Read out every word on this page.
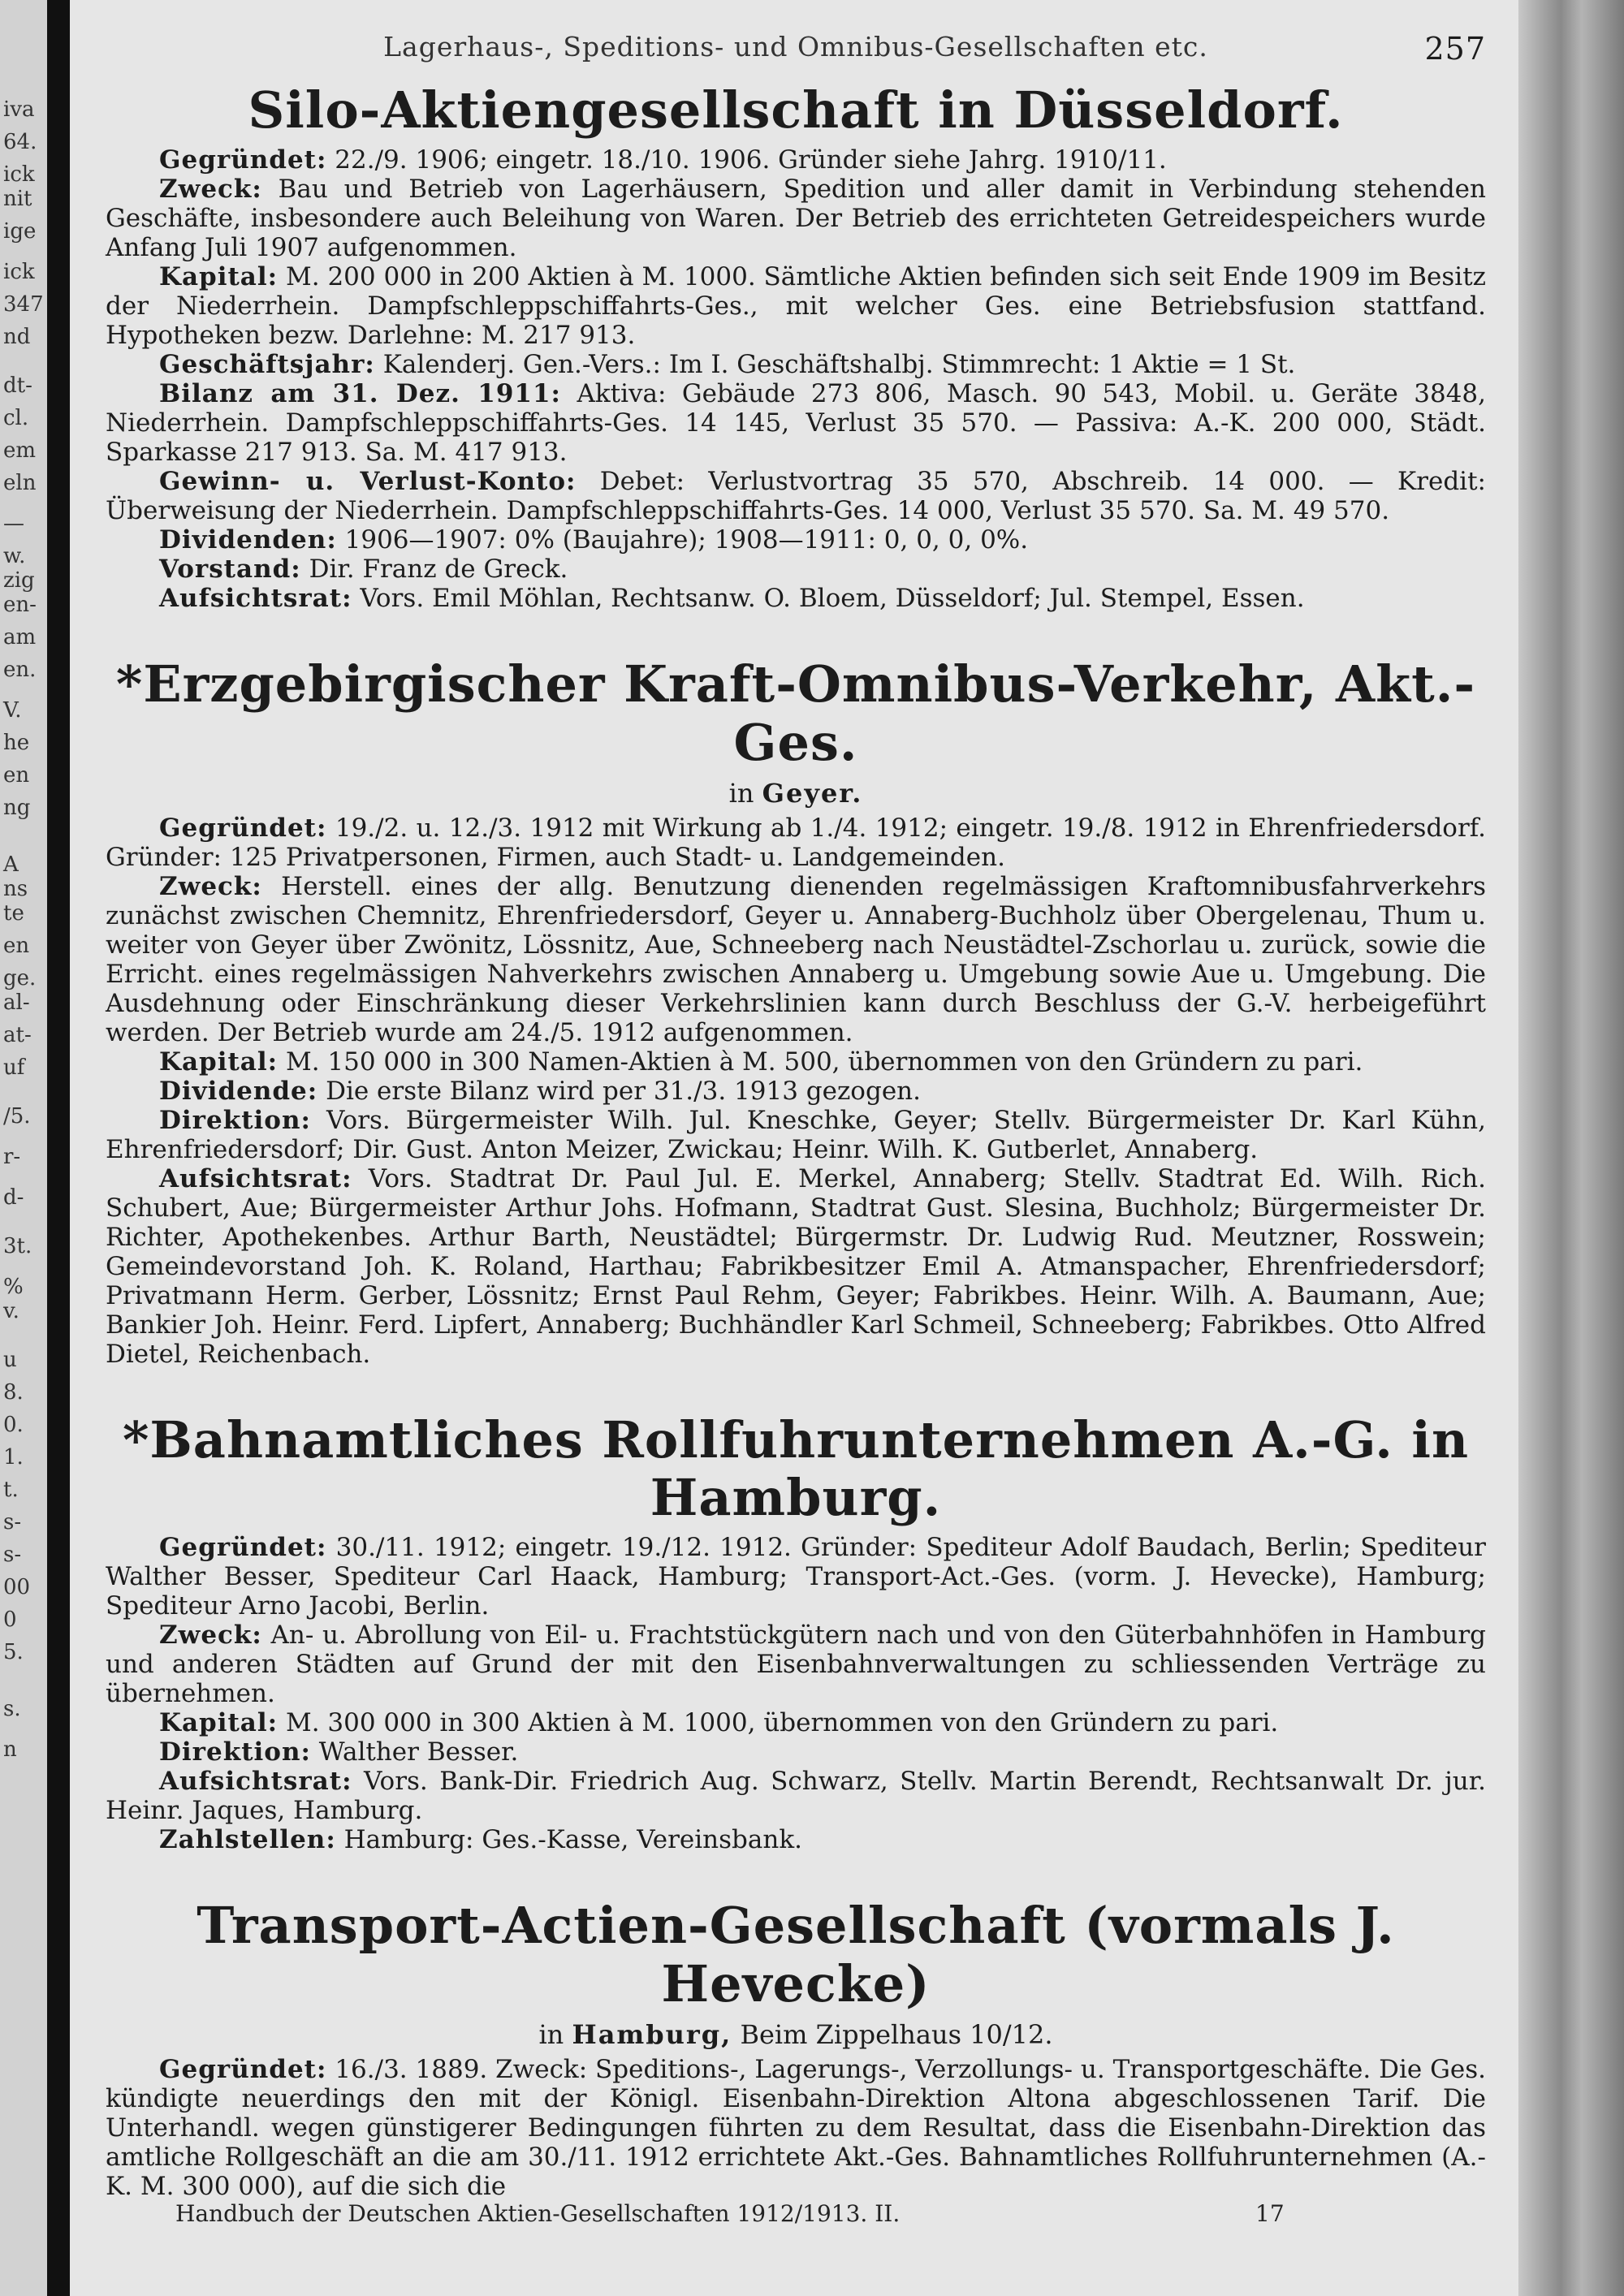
iva
64.
ick
nit
ige
ick
347
nd
dt-
cl.
em
eln
—
w.
zig
en-
am
en.
V.
he
en
ng
A
ns
te
en
ge.
al-
at-
uf
/5.
r-
d-
3t.
%
v.
u
8.
0.
1.
t.
s-
s-
00
0
5.
s.
n
Lagerhaus-, Speditions- und Omnibus-Gesellschaften etc.	257
Silo-Aktiengesellschaft in Düsseldorf.

Gegründet: 22./9. 1906; eingetr. 18./10. 1906. Gründer siehe Jahrg. 1910/11.

Zweck: Bau und Betrieb von Lagerhäusern, Spedition und aller damit in Verbindung stehenden Geschäfte, insbesondere auch Beleihung von Waren. Der Betrieb des errichteten Getreidespeichers wurde Anfang Juli 1907 aufgenommen.

Kapital: M. 200 000 in 200 Aktien à M. 1000. Sämtliche Aktien befinden sich seit Ende 1909 im Besitz der Niederrhein. Dampfschleppschiffahrts-Ges., mit welcher Ges. eine Betriebsfusion stattfand. Hypotheken bezw. Darlehne: M. 217 913.

Geschäftsjahr: Kalenderj. Gen.-Vers.: Im I. Geschäftshalbj. Stimmrecht: 1 Aktie = 1 St.

Bilanz am 31. Dez. 1911: Aktiva: Gebäude 273 806, Masch. 90 543, Mobil. u. Geräte 3848, Niederrhein. Dampfschleppschiffahrts-Ges. 14 145, Verlust 35 570. — Passiva: A.-K. 200 000, Städt. Sparkasse 217 913. Sa. M. 417 913.

Gewinn- u. Verlust-Konto: Debet: Verlustvortrag 35 570, Abschreib. 14 000. — Kredit: Überweisung der Niederrhein. Dampfschleppschiffahrts-Ges. 14 000, Verlust 35 570. Sa. M. 49 570.

Dividenden: 1906—1907: 0% (Baujahre); 1908—1911: 0, 0, 0, 0%.

Vorstand: Dir. Franz de Greck.

Aufsichtsrat: Vors. Emil Möhlan, Rechtsanw. O. Bloem, Düsseldorf; Jul. Stempel, Essen.

*Erzgebirgischer Kraft-Omnibus-Verkehr, Akt.-Ges.
in Geyer.

Gegründet: 19./2. u. 12./3. 1912 mit Wirkung ab 1./4. 1912; eingetr. 19./8. 1912 in Ehrenfriedersdorf. Gründer: 125 Privatpersonen, Firmen, auch Stadt- u. Landgemeinden.

Zweck: Herstell. eines der allg. Benutzung dienenden regelmässigen Kraftomnibusfahrverkehrs zunächst zwischen Chemnitz, Ehrenfriedersdorf, Geyer u. Annaberg-Buchholz über Obergelenau, Thum u. weiter von Geyer über Zwönitz, Lössnitz, Aue, Schneeberg nach Neustädtel-Zschorlau u. zurück, sowie die Erricht. eines regelmässigen Nahverkehrs zwischen Annaberg u. Umgebung sowie Aue u. Umgebung. Die Ausdehnung oder Einschränkung dieser Verkehrslinien kann durch Beschluss der G.-V. herbeigeführt werden. Der Betrieb wurde am 24./5. 1912 aufgenommen.

Kapital: M. 150 000 in 300 Namen-Aktien à M. 500, übernommen von den Gründern zu pari.

Dividende: Die erste Bilanz wird per 31./3. 1913 gezogen.

Direktion: Vors. Bürgermeister Wilh. Jul. Kneschke, Geyer; Stellv. Bürgermeister Dr. Karl Kühn, Ehrenfriedersdorf; Dir. Gust. Anton Meizer, Zwickau; Heinr. Wilh. K. Gutberlet, Annaberg.

Aufsichtsrat: Vors. Stadtrat Dr. Paul Jul. E. Merkel, Annaberg; Stellv. Stadtrat Ed. Wilh. Rich. Schubert, Aue; Bürgermeister Arthur Johs. Hofmann, Stadtrat Gust. Slesina, Buchholz; Bürgermeister Dr. Richter, Apothekenbes. Arthur Barth, Neustädtel; Bürgermstr. Dr. Ludwig Rud. Meutzner, Rosswein; Gemeindevorstand Joh. K. Roland, Harthau; Fabrikbesitzer Emil A. Atmanspacher, Ehrenfriedersdorf; Privatmann Herm. Gerber, Lössnitz; Ernst Paul Rehm, Geyer; Fabrikbes. Heinr. Wilh. A. Baumann, Aue; Bankier Joh. Heinr. Ferd. Lipfert, Annaberg; Buchhändler Karl Schmeil, Schneeberg; Fabrikbes. Otto Alfred Dietel, Reichenbach.

*Bahnamtliches Rollfuhrunternehmen A.-G. in Hamburg.

Gegründet: 30./11. 1912; eingetr. 19./12. 1912. Gründer: Spediteur Adolf Baudach, Berlin; Spediteur Walther Besser, Spediteur Carl Haack, Hamburg; Transport-Act.-Ges. (vorm. J. Hevecke), Hamburg; Spediteur Arno Jacobi, Berlin.

Zweck: An- u. Abrollung von Eil- u. Frachtstückgütern nach und von den Güterbahnhöfen in Hamburg und anderen Städten auf Grund der mit den Eisenbahnverwaltungen zu schliessenden Verträge zu übernehmen.

Kapital: M. 300 000 in 300 Aktien à M. 1000, übernommen von den Gründern zu pari.

Direktion: Walther Besser.

Aufsichtsrat: Vors. Bank-Dir. Friedrich Aug. Schwarz, Stellv. Martin Berendt, Rechtsanwalt Dr. jur. Heinr. Jaques, Hamburg.

Zahlstellen: Hamburg: Ges.-Kasse, Vereinsbank.

Transport-Actien-Gesellschaft (vormals J. Hevecke)
in Hamburg, Beim Zippelhaus 10/12.

Gegründet: 16./3. 1889. Zweck: Speditions-, Lagerungs-, Verzollungs- u. Transportgeschäfte. Die Ges. kündigte neuerdings den mit der Königl. Eisenbahn-Direktion Altona abgeschlossenen Tarif. Die Unterhandl. wegen günstigerer Bedingungen führten zu dem Resultat, dass die Eisenbahn-Direktion das amtliche Rollgeschäft an die am 30./11. 1912 errichtete Akt.-Ges. Bahnamtliches Rollfuhrunternehmen (A.-K. M. 300 000), auf die sich die

Handbuch der Deutschen Aktien-Gesellschaften 1912/1913. II.	17
